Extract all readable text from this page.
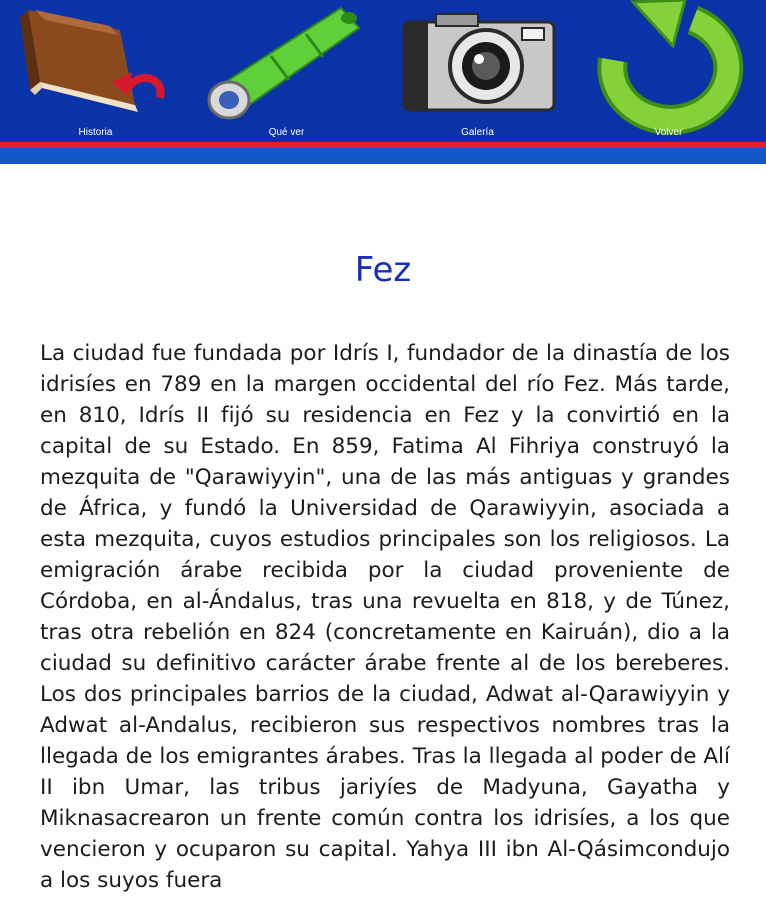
Historia	Qué ver	Galería	Volver
Fez

La ciudad fue fundada por Idrís I, fundador de la dinastía de los idrisíes en 789 en la margen occidental del río Fez. Más tarde, en 810, Idrís II fijó su residencia en Fez y la convirtió en la capital de su Estado. En 859, Fatima Al Fihriya construyó la mezquita de "Qarawiyyin", una de las más antiguas y grandes de África, y fundó la Universidad de Qarawiyyin, asociada a esta mezquita, cuyos estudios principales son los religiosos. La emigración árabe recibida por la ciudad proveniente de Córdoba, en al-Ándalus, tras una revuelta en 818, y de Túnez, tras otra rebelión en 824 (concretamente en Kairuán), dio a la ciudad su definitivo carácter árabe frente al de los bereberes. Los dos principales barrios de la ciudad, Adwat al-Qarawiyyin y Adwat al-Andalus, recibieron sus respectivos nombres tras la llegada de los emigrantes árabes. Tras la llegada al poder de Alí II ibn Umar, las tribus jariyíes de Madyuna, Gayatha y Miknasacrearon un frente común contra los idrisíes, a los que vencieron y ocuparon su capital. Yahya III ibn Al-Qásimcondujo a los suyos fuera
